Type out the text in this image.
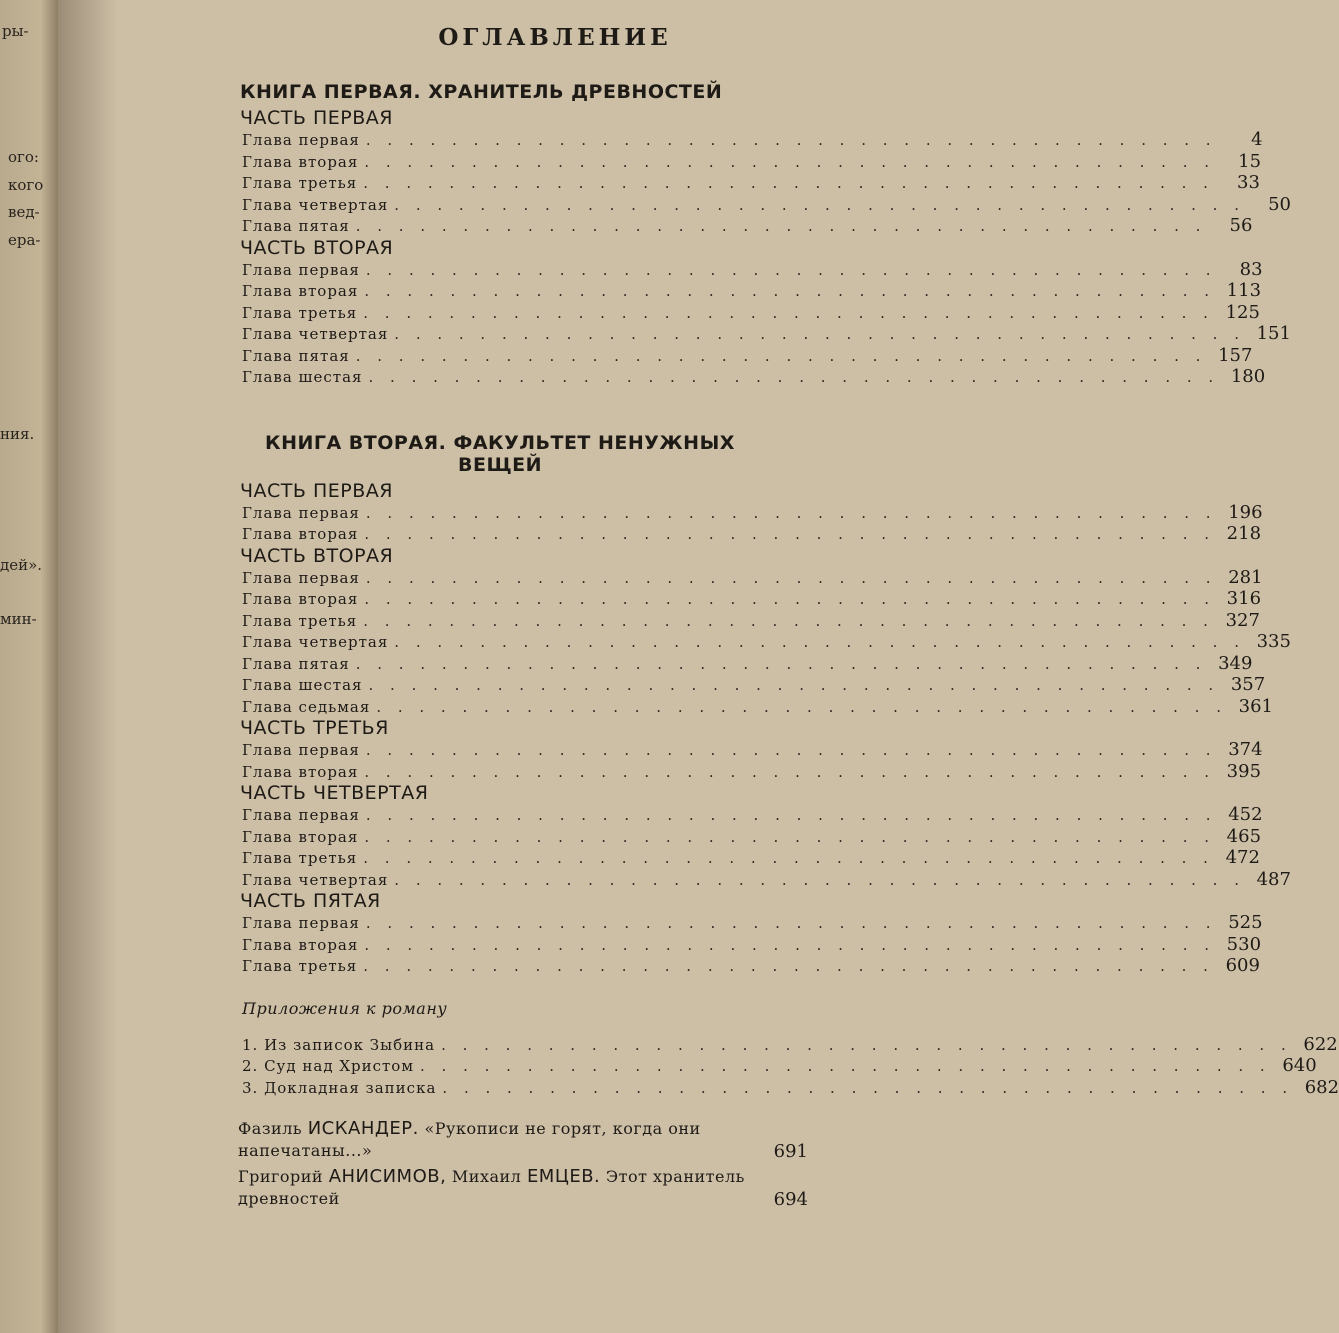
ры-
ого:
кого
вед-
ера-
ния.
дей».
мин-
ОГЛАВЛЕНИЕ
КНИГА ПЕРВАЯ. ХРАНИТЕЛЬ ДРЕВНОСТЕЙ
ЧАСТЬ ПЕРВАЯ
Глава первая . . . . . . . . . . . . . . . . . . . . . . . . . . . . . . . . . . . . . . . .	4
Глава вторая . . . . . . . . . . . . . . . . . . . . . . . . . . . . . . . . . . . . . . . .	15
Глава третья . . . . . . . . . . . . . . . . . . . . . . . . . . . . . . . . . . . . . . . .	33
Глава четвертая . . . . . . . . . . . . . . . . . . . . . . . . . . . . . . . . . . . . . . . .	50
Глава пятая . . . . . . . . . . . . . . . . . . . . . . . . . . . . . . . . . . . . . . . .	56
ЧАСТЬ ВТОРАЯ
Глава первая . . . . . . . . . . . . . . . . . . . . . . . . . . . . . . . . . . . . . . . .	83
Глава вторая . . . . . . . . . . . . . . . . . . . . . . . . . . . . . . . . . . . . . . . . 113
Глава третья . . . . . . . . . . . . . . . . . . . . . . . . . . . . . . . . . . . . . . . . 125
Глава четвертая . . . . . . . . . . . . . . . . . . . . . . . . . . . . . . . . . . . . . . . . 151
Глава пятая . . . . . . . . . . . . . . . . . . . . . . . . . . . . . . . . . . . . . . . . 157
Глава шестая . . . . . . . . . . . . . . . . . . . . . . . . . . . . . . . . . . . . . . . . 180
КНИГА ВТОРАЯ. ФАКУЛЬТЕТ НЕНУЖНЫХ
ВЕЩЕЙ
ЧАСТЬ ПЕРВАЯ
Глава первая . . . . . . . . . . . . . . . . . . . . . . . . . . . . . . . . . . . . . . . . 196
Глава вторая . . . . . . . . . . . . . . . . . . . . . . . . . . . . . . . . . . . . . . . . 218
ЧАСТЬ ВТОРАЯ
Глава первая . . . . . . . . . . . . . . . . . . . . . . . . . . . . . . . . . . . . . . . . 281
Глава вторая . . . . . . . . . . . . . . . . . . . . . . . . . . . . . . . . . . . . . . . . 316
Глава третья . . . . . . . . . . . . . . . . . . . . . . . . . . . . . . . . . . . . . . . . 327
Глава четвертая . . . . . . . . . . . . . . . . . . . . . . . . . . . . . . . . . . . . . . . . 335
Глава пятая . . . . . . . . . . . . . . . . . . . . . . . . . . . . . . . . . . . . . . . . 349
Глава шестая . . . . . . . . . . . . . . . . . . . . . . . . . . . . . . . . . . . . . . . . 357
Глава седьмая . . . . . . . . . . . . . . . . . . . . . . . . . . . . . . . . . . . . . . . . 361
ЧАСТЬ ТРЕТЬЯ
Глава первая . . . . . . . . . . . . . . . . . . . . . . . . . . . . . . . . . . . . . . . . 374
Глава вторая . . . . . . . . . . . . . . . . . . . . . . . . . . . . . . . . . . . . . . . . 395
ЧАСТЬ ЧЕТВЕРТАЯ
Глава первая . . . . . . . . . . . . . . . . . . . . . . . . . . . . . . . . . . . . . . . . 452
Глава вторая . . . . . . . . . . . . . . . . . . . . . . . . . . . . . . . . . . . . . . . . 465
Глава третья . . . . . . . . . . . . . . . . . . . . . . . . . . . . . . . . . . . . . . . . 472
Глава четвертая . . . . . . . . . . . . . . . . . . . . . . . . . . . . . . . . . . . . . . . . 487
ЧАСТЬ ПЯТАЯ
Глава первая . . . . . . . . . . . . . . . . . . . . . . . . . . . . . . . . . . . . . . . . 525
Глава вторая . . . . . . . . . . . . . . . . . . . . . . . . . . . . . . . . . . . . . . . . 530
Глава третья . . . . . . . . . . . . . . . . . . . . . . . . . . . . . . . . . . . . . . . . 609
Приложения к роману
1. Из записок Зыбина . . . . . . . . . . . . . . . . . . . . . . . . . . . . . . . . . . . . . . . . 622
2. Суд над Христом . . . . . . . . . . . . . . . . . . . . . . . . . . . . . . . . . . . . . . . . 640
3. Докладная записка . . . . . . . . . . . . . . . . . . . . . . . . . . . . . . . . . . . . . . . . 682
Фазиль ИСКАНДЕР. «Рукописи не горят, когда они напечатаны...»	691
Григорий АНИСИМОВ, Михаил ЕМЦЕВ. Этот хранитель древностей	694
